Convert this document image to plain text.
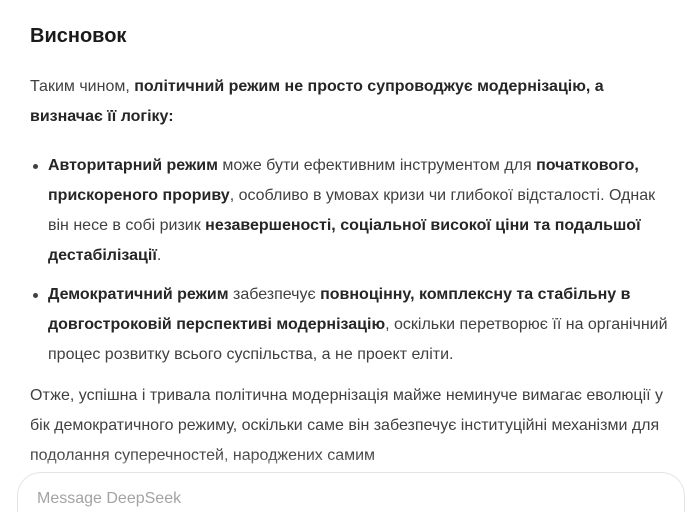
Висновок

Таким чином, політичний режим не просто супроводжує модернізацію, а визначає її логіку:

Авторитарний режим може бути ефективним інструментом для початкового, прискореного прориву, особливо в умовах кризи чи глибокої відсталості. Однак він несе в собі ризик незавершеності, соціальної високої ціни та подальшої дестабілізації.
Демократичний режим забезпечує повноцінну, комплексну та стабільну в довгостроковій перспективі модернізацію, оскільки перетворює її на органічний процес розвитку всього суспільства, а не проект еліти.

Отже, успішна і тривала політична модернізація майже неминуче вимагає еволюції у бік демократичного режиму, оскільки саме він забезпечує інституційні механізми для подолання суперечностей, народжених самим

Message DeepSeek
